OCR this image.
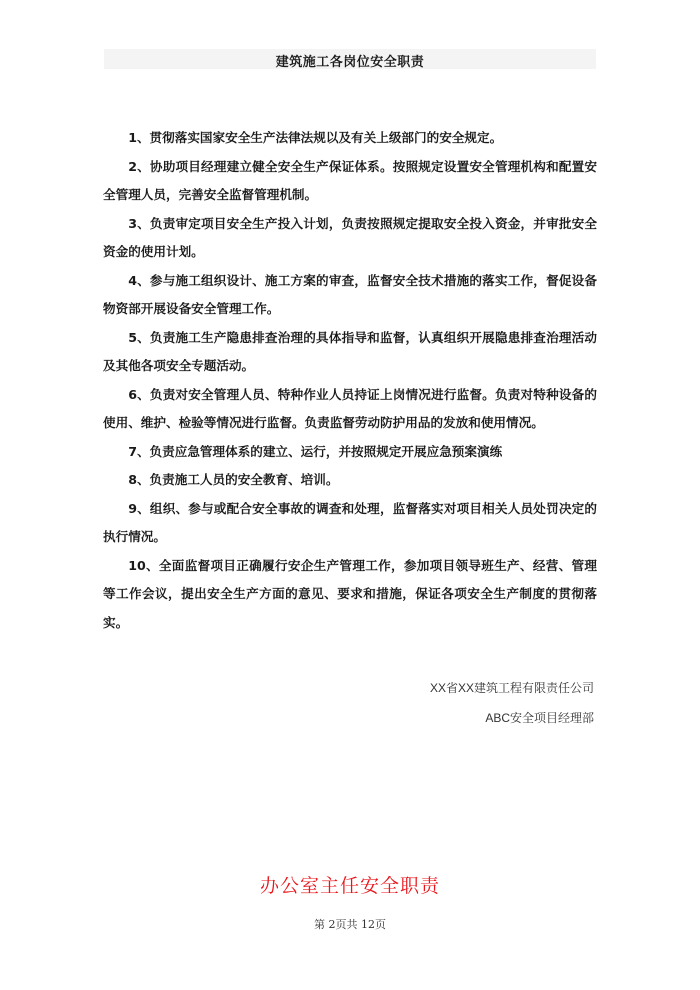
建筑施工各岗位安全职责
1、贯彻落实国家安全生产法律法规以及有关上级部门的安全规定。
2、协助项目经理建立健全安全生产保证体系。按照规定设置安全管理机构和配置安全管理人员，完善安全监督管理机制。
3、负责审定项目安全生产投入计划，负责按照规定提取安全投入资金，并审批安全资金的使用计划。
4、参与施工组织设计、施工方案的审查，监督安全技术措施的落实工作，督促设备物资部开展设备安全管理工作。
5、负责施工生产隐患排查治理的具体指导和监督，认真组织开展隐患排查治理活动及其他各项安全专题活动。
6、负责对安全管理人员、特种作业人员持证上岗情况进行监督。负责对特种设备的使用、维护、检验等情况进行监督。负责监督劳动防护用品的发放和使用情况。
7、负责应急管理体系的建立、运行，并按照规定开展应急预案演练
8、负责施工人员的安全教育、培训。
9、组织、参与或配合安全事故的调查和处理，监督落实对项目相关人员处罚决定的执行情况。
10、全面监督项目正确履行安企生产管理工作，参加项目领导班生产、经营、管理等工作会议，提出安全生产方面的意见、要求和措施，保证各项安全生产制度的贯彻落实。
XX省XX建筑工程有限责任公司
ABC安全项目经理部
办公室主任安全职责
第 2页共 12页
